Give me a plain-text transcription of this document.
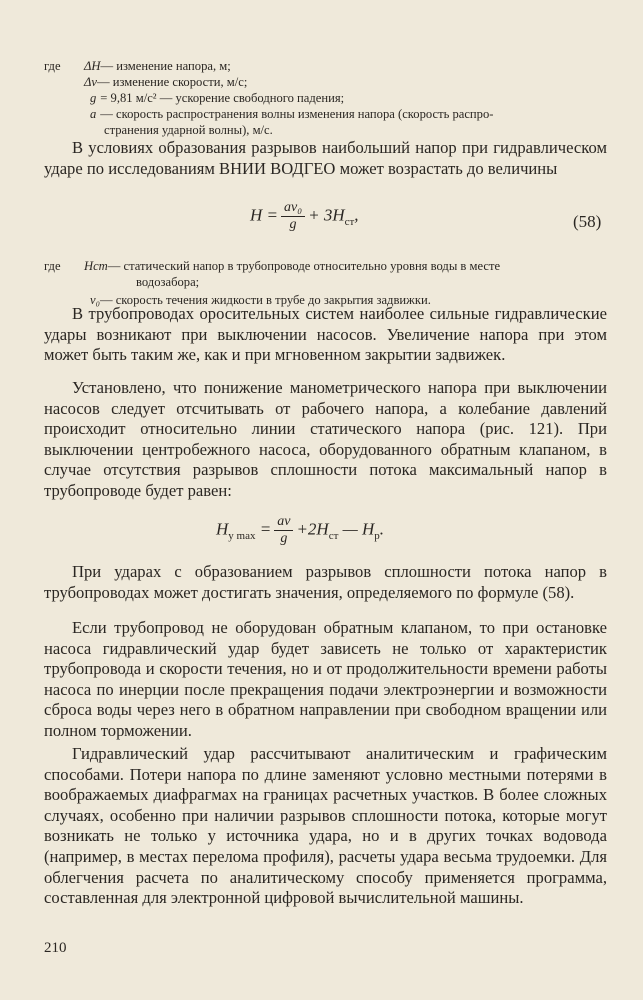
где	ΔH — изменение напора, м;
Δv — изменение скорости, м/с;
g = 9,81 м/с² — ускорение свободного падения;
a — скорость распространения волны изменения напора (скорость распро-
странения ударной волны), м/с.
В условиях образования разрывов наибольший напор при гидравлическом ударе по исследованиям ВНИИ ВОДГЕО может возрастать до величины
$H = \frac{\text{av₀}}{g} + 3H_{ст}$,	(58)
где	Hст — статический напор в трубопроводе относительно уровня воды в месте
водозабора;
v₀ — скорость течения жидкости в трубе до закрытия задвижки.
В трубопроводах оросительных систем наиболее сильные гидравлические удары возникают при выключении насосов. Увеличение напора при этом может быть таким же, как и при мгновенном закрытии задвижек.
Установлено, что понижение манометрического напора при выключении насосов следует отсчитывать от рабочего напора, а колебание давлений происходит относительно линии статического напора (рис. 121). При выключении центробежного насоса, оборудованного обратным клапаном, в случае отсутствия разрывов сплошности потока максимальный напор в трубопроводе будет равен:
$H_{y max} = \frac{av}{g} +2H_{ст}$ — $H_р$.
При ударах с образованием разрывов сплошности потока напор в трубопроводах может достигать значения, определяемого по формуле (58).
Если трубопровод не оборудован обратным клапаном, то при остановке насоса гидравлический удар будет зависеть не только от характеристик трубопровода и скорости течения, но и от продолжительности времени работы насоса по инерции после прекращения подачи электроэнергии и возможности сброса воды через него в обратном направлении при свободном вращении или полном торможении.
Гидравлический удар рассчитывают аналитическим и графическим способами. Потери напора по длине заменяют условно местными потерями в воображаемых диафрагмах на границах расчетных участков. В более сложных случаях, особенно при наличии разрывов сплошности потока, которые могут возникать не только у источника удара, но и в других точках водовода (например, в местах перелома профиля), расчеты удара весьма трудоемки. Для облегчения расчета по аналитическому способу применяется программа, составленная для электронной цифровой вычислительной машины.
210
